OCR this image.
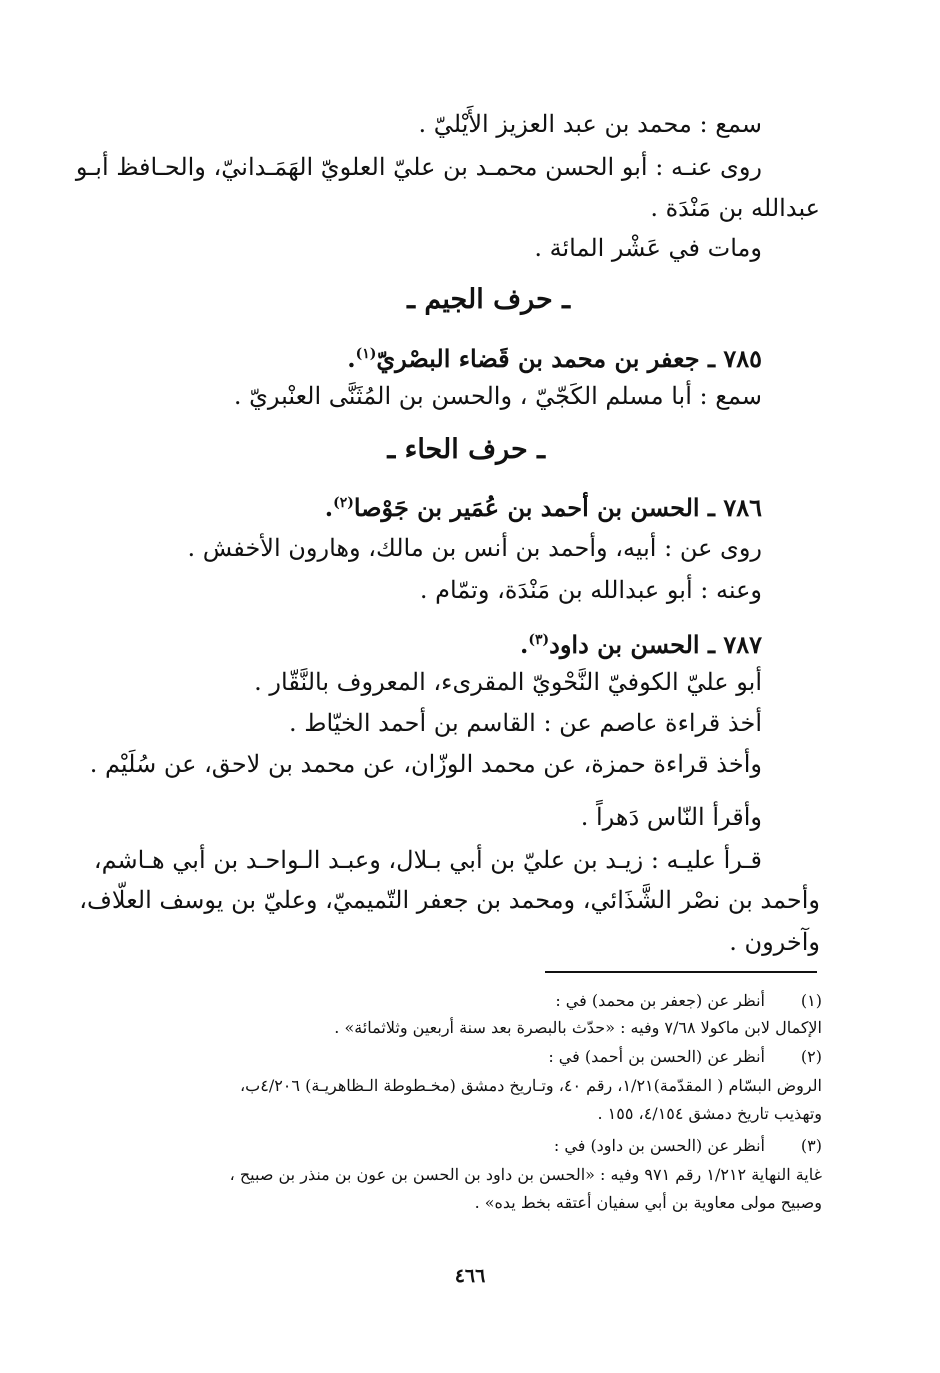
سمع : محمد بن عبد العزيز الأَيْليّ .
روى عنـه : أبو الحسن محمـد بن عليّ العلويّ الهَمَـدانيّ، والحـافظ أبـو
عبدالله بن مَنْدَة .
ومات في عَشْر المائة .
ـ حرف الجيم ـ
٧٨٥ ـ جعفر بن محمد بن قَضاء البصْريّ$^{(١)}$.
سمع : أبا مسلم الكَجّيّ ، والحسن بن المُثَنَّى العنْبريّ .
ـ حرف الحاء ـ
٧٨٦ ـ الحسن بن أحمد بن عُمَير بن جَوْصا$^{(٢)}$.
روى عن : أبيه، وأحمد بن أنس بن مالك، وهارون الأخفش .
وعنه : أبو عبدالله بن مَنْدَة، وتمّام .
٧٨٧ ـ الحسن بن داود$^{(٣)}$.
أبو عليّ الكوفيّ النَّحْويّ المقرىء، المعروف بالنَّقّار .
أخذ قراءة عاصم عن : القاسم بن أحمد الخيّاط .
وأخذ قراءة حمزة، عن محمد الوزّان، عن محمد بن لاحق، عن سُلَيْم .
وأقرأ النّاس دَهراً .
قـرأ عليـه : زيـد بن عليّ بن أبي بـلال، وعبـد الـواحـد بن أبي هـاشم،
وأحمد بن نصْر الشَّذَائي، ومحمد بن جعفر التّميميّ، وعليّ بن يوسف العلّاف،
وآخرون .
(١)
أنظر عن (جعفر بن محمد) في :
الإكمال لابن ماكولا ٧/٦٨ وفيه : «حدّث بالبصرة بعد سنة أربعين وثلاثمائة» .
(٢)
أنظر عن (الحسن بن أحمد) في :
الروض البسّام ( المقدّمة)١/٢١، رقم ٤٠، وتـاريخ دمشق (مخـطوطة الـظاهريـة) ٤/٢٠٦ب،
وتهذيب تاريخ دمشق ٤/١٥٤، ١٥٥ .
(٣)
أنظر عن (الحسن بن داود) في :
غاية النهاية ١/٢١٢ رقم ٩٧١ وفيه : «الحسن بن داود بن الحسن بن عون بن منذر بن صبيح ،
وصبيح مولى معاوية بن أبي سفيان أعتقه بخط يده» .
٤٦٦
